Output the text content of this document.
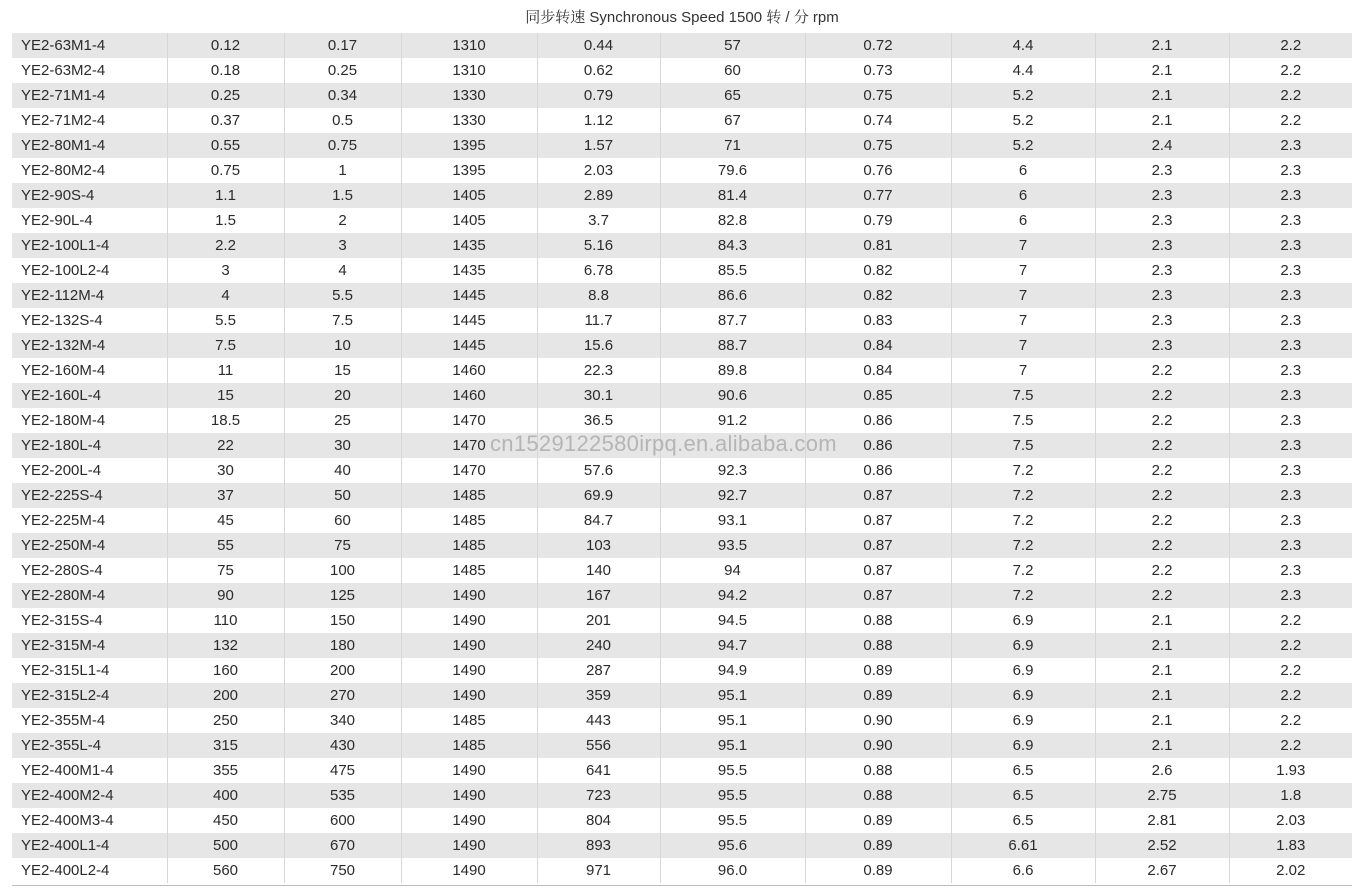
同步转速 Synchronous Speed 1500 转 / 分 rpm
YE2-63M1-4	0.12	0.17	1310	0.44	57	0.72	4.4	2.1	2.2
YE2-63M2-4	0.18	0.25	1310	0.62	60	0.73	4.4	2.1	2.2
YE2-71M1-4	0.25	0.34	1330	0.79	65	0.75	5.2	2.1	2.2
YE2-71M2-4	0.37	0.5	1330	1.12	67	0.74	5.2	2.1	2.2
YE2-80M1-4	0.55	0.75	1395	1.57	71	0.75	5.2	2.4	2.3
YE2-80M2-4	0.75	1	1395	2.03	79.6	0.76	6	2.3	2.3
YE2-90S-4	1.1	1.5	1405	2.89	81.4	0.77	6	2.3	2.3
YE2-90L-4	1.5	2	1405	3.7	82.8	0.79	6	2.3	2.3
YE2-100L1-4	2.2	3	1435	5.16	84.3	0.81	7	2.3	2.3
YE2-100L2-4	3	4	1435	6.78	85.5	0.82	7	2.3	2.3
YE2-112M-4	4	5.5	1445	8.8	86.6	0.82	7	2.3	2.3
YE2-132S-4	5.5	7.5	1445	11.7	87.7	0.83	7	2.3	2.3
YE2-132M-4	7.5	10	1445	15.6	88.7	0.84	7	2.3	2.3
YE2-160M-4	11	15	1460	22.3	89.8	0.84	7	2.2	2.3
YE2-160L-4	15	20	1460	30.1	90.6	0.85	7.5	2.2	2.3
YE2-180M-4	18.5	25	1470	36.5	91.2	0.86	7.5	2.2	2.3
YE2-180L-4	22	30	1470			0.86	7.5	2.2	2.3
YE2-200L-4	30	40	1470	57.6	92.3	0.86	7.2	2.2	2.3
YE2-225S-4	37	50	1485	69.9	92.7	0.87	7.2	2.2	2.3
YE2-225M-4	45	60	1485	84.7	93.1	0.87	7.2	2.2	2.3
YE2-250M-4	55	75	1485	103	93.5	0.87	7.2	2.2	2.3
YE2-280S-4	75	100	1485	140	94	0.87	7.2	2.2	2.3
YE2-280M-4	90	125	1490	167	94.2	0.87	7.2	2.2	2.3
YE2-315S-4	110	150	1490	201	94.5	0.88	6.9	2.1	2.2
YE2-315M-4	132	180	1490	240	94.7	0.88	6.9	2.1	2.2
YE2-315L1-4	160	200	1490	287	94.9	0.89	6.9	2.1	2.2
YE2-315L2-4	200	270	1490	359	95.1	0.89	6.9	2.1	2.2
YE2-355M-4	250	340	1485	443	95.1	0.90	6.9	2.1	2.2
YE2-355L-4	315	430	1485	556	95.1	0.90	6.9	2.1	2.2
YE2-400M1-4	355	475	1490	641	95.5	0.88	6.5	2.6	1.93
YE2-400M2-4	400	535	1490	723	95.5	0.88	6.5	2.75	1.8
YE2-400M3-4	450	600	1490	804	95.5	0.89	6.5	2.81	2.03
YE2-400L1-4	500	670	1490	893	95.6	0.89	6.61	2.52	1.83
YE2-400L2-4	560	750	1490	971	96.0	0.89	6.6	2.67	2.02
cn1529122580irpq.en.alibaba.com
